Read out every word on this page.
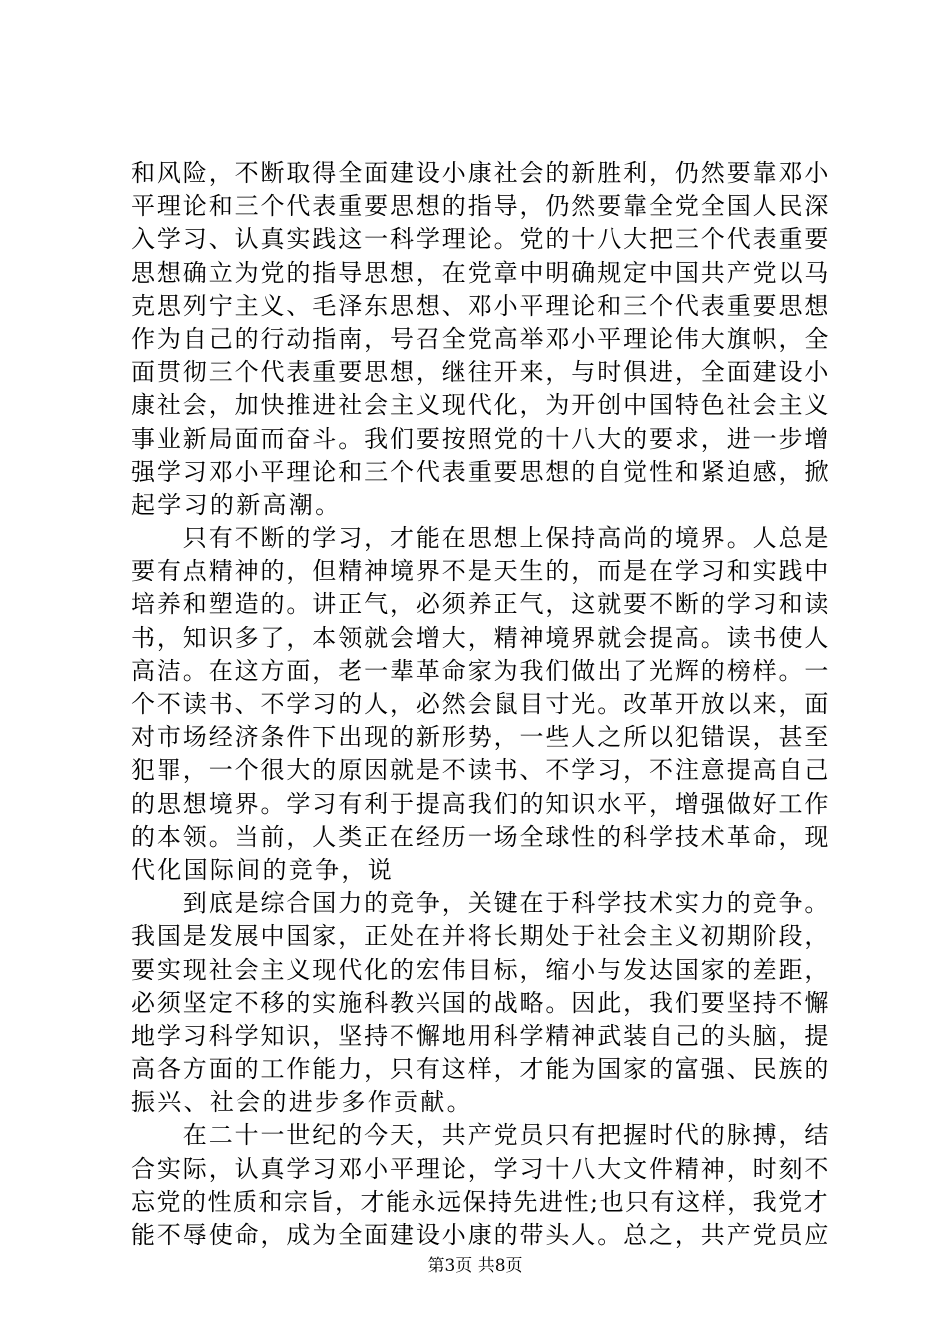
和风险，不断取得全面建设小康社会的新胜利，仍然要靠邓小
平理论和三个代表重要思想的指导，仍然要靠全党全国人民深
入学习、认真实践这一科学理论。党的十八大把三个代表重要
思想确立为党的指导思想，在党章中明确规定中国共产党以马
克思列宁主义、毛泽东思想、邓小平理论和三个代表重要思想
作为自己的行动指南，号召全党高举邓小平理论伟大旗帜，全
面贯彻三个代表重要思想，继往开来，与时俱进，全面建设小
康社会，加快推进社会主义现代化，为开创中国特色社会主义
事业新局面而奋斗。我们要按照党的十八大的要求，进一步增
强学习邓小平理论和三个代表重要思想的自觉性和紧迫感，掀
起学习的新高潮。
　　只有不断的学习，才能在思想上保持高尚的境界。人总是
要有点精神的，但精神境界不是天生的，而是在学习和实践中
培养和塑造的。讲正气，必须养正气，这就要不断的学习和读
书，知识多了，本领就会增大，精神境界就会提高。读书使人
高洁。在这方面，老一辈革命家为我们做出了光辉的榜样。一
个不读书、不学习的人，必然会鼠目寸光。改革开放以来，面
对市场经济条件下出现的新形势，一些人之所以犯错误，甚至
犯罪，一个很大的原因就是不读书、不学习，不注意提高自己
的思想境界。学习有利于提高我们的知识水平，增强做好工作
的本领。当前，人类正在经历一场全球性的科学技术革命，现
代化国际间的竞争，说
　　到底是综合国力的竞争，关键在于科学技术实力的竞争。
我国是发展中国家，正处在并将长期处于社会主义初期阶段，
要实现社会主义现代化的宏伟目标，缩小与发达国家的差距，
必须坚定不移的实施科教兴国的战略。因此，我们要坚持不懈
地学习科学知识，坚持不懈地用科学精神武装自己的头脑，提
高各方面的工作能力，只有这样，才能为国家的富强、民族的
振兴、社会的进步多作贡献。
　　在二十一世纪的今天，共产党员只有把握时代的脉搏，结
合实际，认真学习邓小平理论，学习十八大文件精神，时刻不
忘党的性质和宗旨，才能永远保持先进性;也只有这样，我党才
能不辱使命，成为全面建设小康的带头人。总之，共产党员应
第3页 共8页
